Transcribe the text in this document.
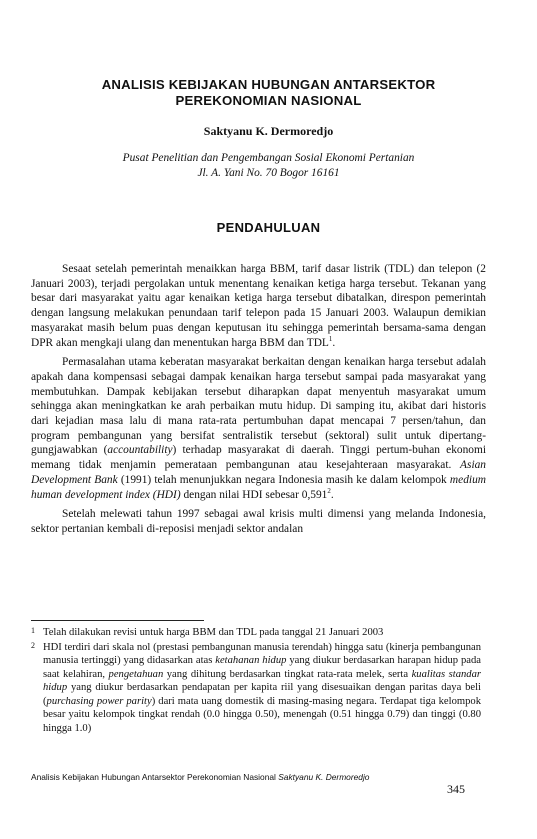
ANALISIS KEBIJAKAN HUBUNGAN ANTARSEKTOR
PEREKONOMIAN NASIONAL
Saktyanu K. Dermoredjo
Pusat Penelitian dan Pengembangan Sosial Ekonomi Pertanian
Jl. A. Yani No. 70 Bogor 16161
PENDAHULUAN

Sesaat setelah pemerintah menaikkan harga BBM, tarif dasar listrik (TDL) dan telepon (2 Januari 2003), terjadi pergolakan untuk menentang kenaikan ketiga harga tersebut. Tekanan yang besar dari masyarakat yaitu agar kenaikan ketiga harga tersebut dibatalkan, direspon pemerintah dengan langsung melakukan penundaan tarif telepon pada 15 Januari 2003. Walaupun demikian masyarakat masih belum puas dengan keputusan itu sehingga pemerintah bersama-sama dengan DPR akan mengkaji ulang dan menentukan harga BBM dan TDL$^1$.

Permasalahan utama keberatan masyarakat berkaitan dengan kenaikan harga tersebut adalah apakah dana kompensasi sebagai dampak kenaikan harga tersebut sampai pada masyarakat yang membutuhkan. Dampak kebijakan tersebut diharapkan dapat menyentuh masyarakat umum sehingga akan meningkatkan ke arah perbaikan mutu hidup. Di samping itu, akibat dari historis dari kejadian masa lalu di mana rata-rata pertumbuhan dapat mencapai 7 persen/tahun, dan program pembangunan yang bersifat sentralistik tersebut (sektoral) sulit untuk dipertang-gungjawabkan (accountability) terhadap masyarakat di daerah. Tinggi pertum-buhan ekonomi memang tidak menjamin pemerataan pembangunan atau kesejahteraan masyarakat. Asian Development Bank (1991) telah menunjukkan negara Indonesia masih ke dalam kelompok medium human development index (HDI) dengan nilai HDI sebesar 0,591$^2$.

Setelah melewati tahun 1997 sebagai awal krisis multi dimensi yang melanda Indonesia, sektor pertanian kembali di-reposisi menjadi sektor andalan

1 Telah dilakukan revisi untuk harga BBM dan TDL pada tanggal 21 Januari 2003
2 HDI terdiri dari skala nol (prestasi pembangunan manusia terendah) hingga satu (kinerja pembangunan manusia tertinggi) yang didasarkan atas ketahanan hidup yang diukur berdasarkan harapan hidup pada saat kelahiran, pengetahuan yang dihitung berdasarkan tingkat rata-rata melek, serta kualitas standar hidup yang diukur berdasarkan pendapatan per kapita riil yang disesuaikan dengan paritas daya beli (purchasing power parity) dari mata uang domestik di masing-masing negara. Terdapat tiga kelompok besar yaitu kelompok tingkat rendah (0.0 hingga 0.50), menengah (0.51 hingga 0.79) dan tinggi (0.80 hingga 1.0)
Analisis Kebijakan Hubungan Antarsektor Perekonomian Nasional Saktyanu K. Dermoredjo
345
